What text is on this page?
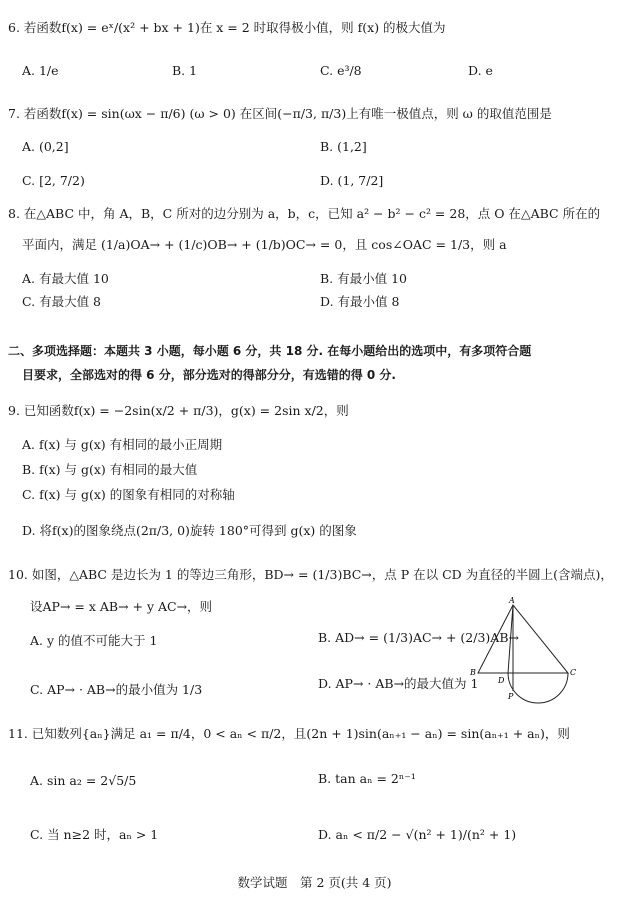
6. 若函数f(x) = eˣ/(x² + bx + 1)在 x = 2 时取得极小值，则 f(x) 的极大值为
A. 1/e	B. 1	C. e³/8	D. e
7. 若函数f(x) = sin(ωx − π/6) (ω > 0) 在区间(−π/3, π/3)上有唯一极值点，则 ω 的取值范围是
A. (0,2]	B. (1,2]
C. [2, 7/2)	D. (1, 7/2]
8. 在△ABC 中，角 A，B，C 所对的边分别为 a，b，c，已知 a² − b² − c² = 28，点 O 在△ABC 所在的
平面内，满足 (1/a)OA→ + (1/c)OB→ + (1/b)OC→ = 0，且 cos∠OAC = 1/3，则 a
A. 有最大值 10	B. 有最小值 10
C. 有最大值 8	D. 有最小值 8
二、多项选择题：本题共 3 小题，每小题 6 分，共 18 分. 在每小题给出的选项中，有多项符合题
目要求，全部选对的得 6 分，部分选对的得部分分，有选错的得 0 分.
9. 已知函数f(x) = −2sin(x/2 + π/3)，g(x) = 2sin x/2，则
A. f(x) 与 g(x) 有相同的最小正周期
B. f(x) 与 g(x) 有相同的最大值
C. f(x) 与 g(x) 的图象有相同的对称轴
D. 将f(x)的图象绕点(2π/3, 0)旋转 180°可得到 g(x) 的图象
10. 如图，△ABC 是边长为 1 的等边三角形，BD→ = (1/3)BC→，点 P 在以 CD 为直径的半圆上(含端点)，
设AP→ = x AB→ + y AC→，则
A. y 的值不可能大于 1	B. AD→ = (1/3)AC→ + (2/3)AB→
C. AP→ · AB→的最小值为 1/3	D. AP→ · AB→的最大值为 1
A
B	C
D
P
11. 已知数列{aₙ}满足 a₁ = π/4，0 < aₙ < π/2，且(2n + 1)sin(aₙ₊₁ − aₙ) = sin(aₙ₊₁ + aₙ)，则
A. sin a₂ = 2√5/5	B. tan aₙ = 2ⁿ⁻¹
C. 当 n≥2 时，aₙ > 1	D. aₙ < π/2 − √(n² + 1)/(n² + 1)
数学试题　第 2 页(共 4 页)
